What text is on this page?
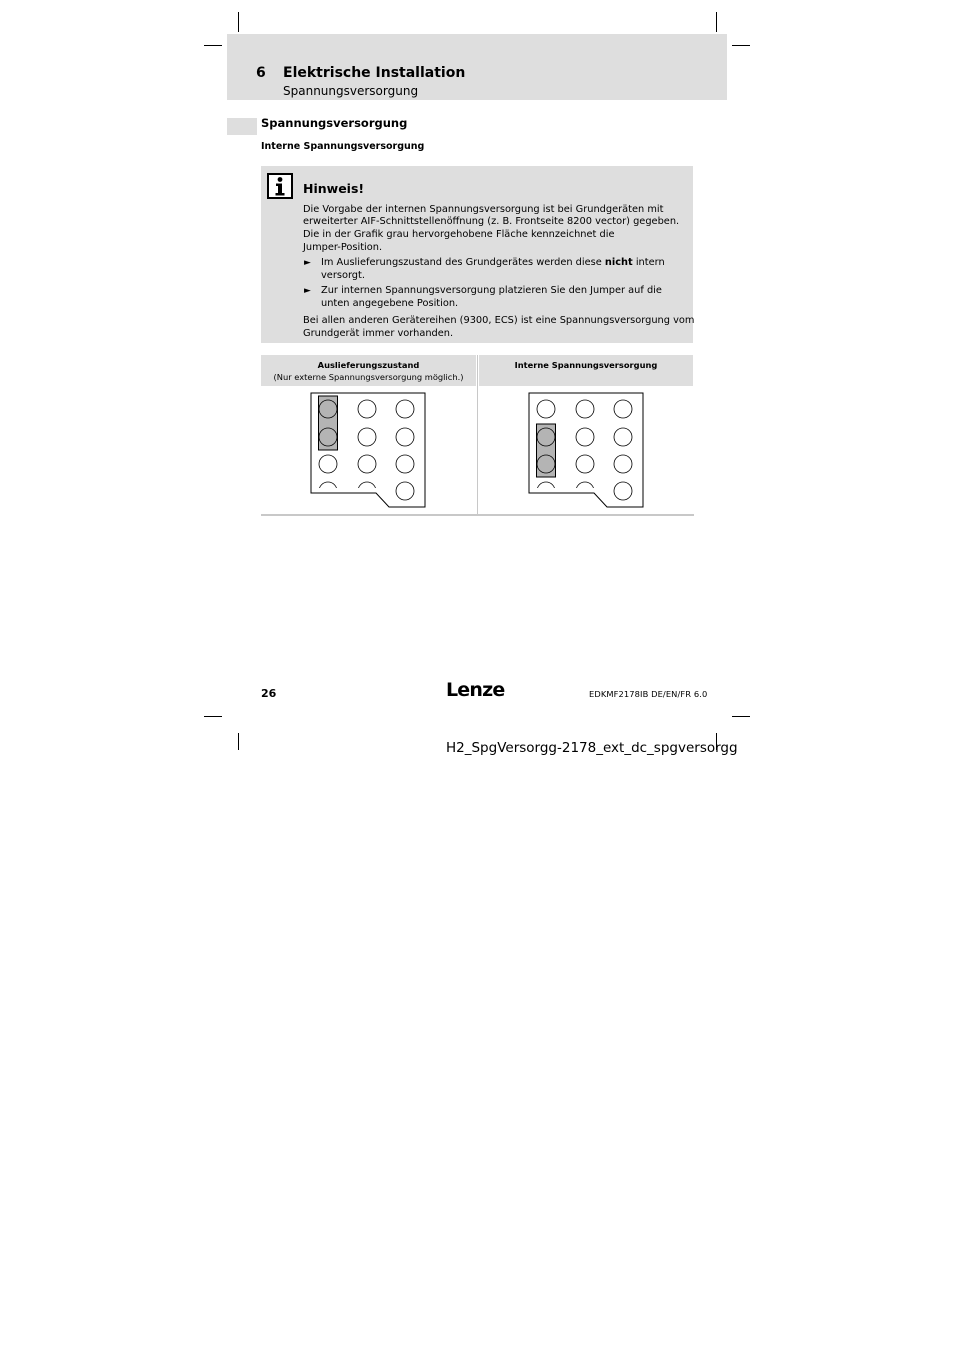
6 Elektrische Installation
Spannungsversorgung
Spannungsversorgung
Interne Spannungsversorgung
Hinweis!
Die Vorgabe der internen Spannungsversorgung ist bei Grundgeräten mit
erweiterter AIF-Schnittstellenöffnung (z. B. Frontseite 8200 vector) gegeben.
Die in der Grafik grau hervorgehobene Fläche kennzeichnet die
Jumper-Position.
► Im Auslieferungszustand des Grundgerätes werden diese nicht intern
versorgt.
► Zur internen Spannungsversorgung platzieren Sie den Jumper auf die
unten angegebene Position.
Bei allen anderen Gerätereihen (9300, ECS) ist eine Spannungsversorgung vom
Grundgerät immer vorhanden.
Auslieferungszustand
(Nur externe Spannungsversorgung möglich.)
Interne Spannungsversorgung
26	Lenze	EDKMF2178IB DE/EN/FR 6.0
H2_SpgVersorgg-2178_ext_dc_spgversorgg
